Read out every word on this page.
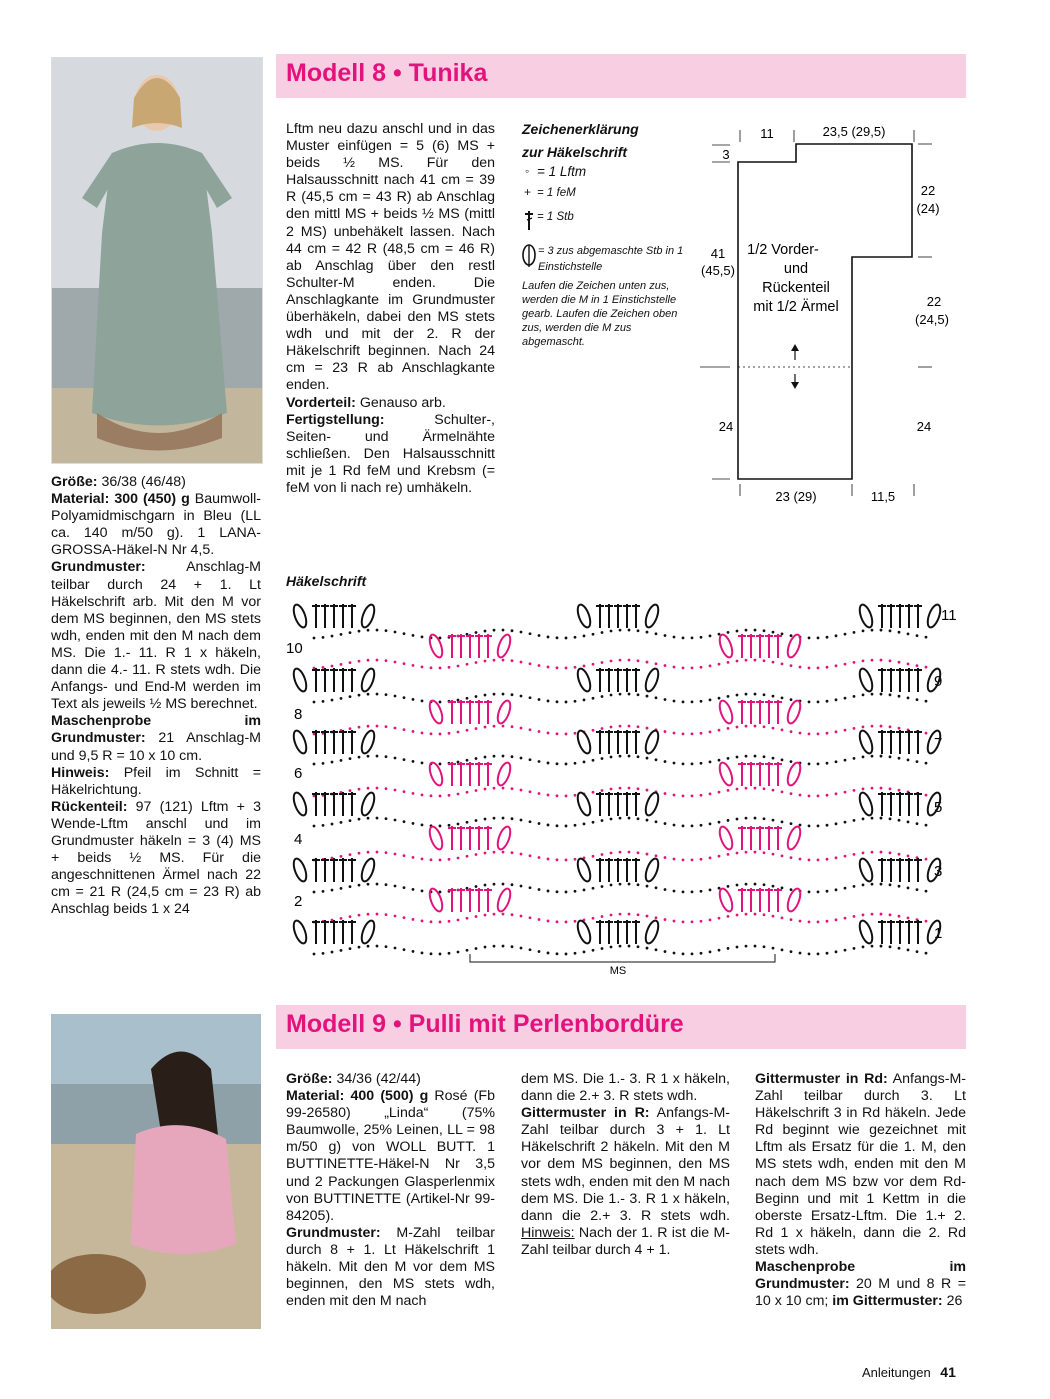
Modell 8 • Tunika

Größe: 36/38 (46/48)

Material: 300 (450) g Baumwoll-Polyamidmischgarn in Bleu (LL ca. 140 m/50 g). 1 LANA-GROSSA-Häkel-N Nr 4,5.

Grundmuster: Anschlag-M teilbar durch 24 + 1. Lt Häkelschrift arb. Mit den M vor dem MS beginnen, den MS stets wdh, enden mit den M nach dem MS. Die 1.- 11. R 1 x häkeln, dann die 4.- 11. R stets wdh. Die Anfangs- und End-M werden im Text als jeweils ½ MS berechnet.

Maschenprobe im Grundmuster: 21 Anschlag-M und 9,5 R = 10 x 10 cm.

Hinweis: Pfeil im Schnitt = Häkelrichtung.

Rückenteil: 97 (121) Lftm + 3 Wende-Lftm anschl und im Grundmuster häkeln = 3 (4) MS + beids ½ MS. Für die angeschnittenen Ärmel nach 22 cm = 21 R (24,5 cm = 23 R) ab Anschlag beids 1 x 24

Lftm neu dazu anschl und in das Muster einfügen = 5 (6) MS + beids ½ MS. Für den Halsausschnitt nach 41 cm = 39 R (45,5 cm = 43 R) ab Anschlag den mittl MS + beids ½ MS (mittl 2 MS) unbehäkelt lassen. Nach 44 cm = 42 R (48,5 cm = 46 R) ab Anschlag über den restl Schulter-M enden. Die Anschlagkante im Grundmuster überhäkeln, dabei den MS stets wdh und mit der 2. R der Häkelschrift beginnen. Nach 24 cm = 23 R ab Anschlagkante enden.

Vorderteil: Genauso arb.

Fertigstellung: Schulter-, Seiten- und Ärmelnähte schließen. Den Halsausschnitt mit je 1 Rd feM und Krebsm (= feM von li nach re) umhäkeln.

Zeichenerklärung
zur Häkelschrift
◦ = 1 Lftm
+ = 1 feM
= 1 Stb
= 3 zus abgemaschte Stb in 1 Einstichstelle
Laufen die Zeichen unten zus, werden die M in 1 Einstichstelle gearb. Laufen die Zeichen oben zus, werden die M zus abgemascht.
11	23,5 (29,5)
3
41
(45,5)
22
(24)
22
(24,5)
24	24
23 (29)	11,5
1/2 Vorder-
und
Rückenteil
mit 1/2 Ärmel
Häkelschrift
11
9
7
5
3
1
10
8
6
4
2
MS
Modell 9 • Pulli mit Perlenbordüre

Größe: 34/36 (42/44)

Material: 400 (500) g Rosé (Fb 99-26580) „Linda“ (75% Baumwolle, 25% Leinen, LL = 98 m/50 g) von WOLL BUTT. 1 BUTTINETTE-Häkel-N Nr 3,5 und 2 Packungen Glasperlenmix von BUTTINETTE (Artikel-Nr 99-84205).

Grundmuster: M-Zahl teilbar durch 8 + 1. Lt Häkelschrift 1 häkeln. Mit den M vor dem MS beginnen, den MS stets wdh, enden mit den M nach

dem MS. Die 1.- 3. R 1 x häkeln, dann die 2.+ 3. R stets wdh.

Gittermuster in R: Anfangs-M-Zahl teilbar durch 3 + 1. Lt Häkelschrift 2 häkeln. Mit den M vor dem MS beginnen, den MS stets wdh, enden mit den M nach dem MS. Die 1.- 3. R 1 x häkeln, dann die 2.+ 3. R stets wdh. Hinweis: Nach der 1. R ist die M-Zahl teilbar durch 4 + 1.

Gittermuster in Rd: Anfangs-M-Zahl teilbar durch 3. Lt Häkelschrift 3 in Rd häkeln. Jede Rd beginnt wie gezeichnet mit Lftm als Ersatz für die 1. M, den MS stets wdh, enden mit den M nach dem MS bzw vor dem Rd-Beginn und mit 1 Kettm in die oberste Ersatz-Lftm. Die 1.+ 2. Rd 1 x häkeln, dann die 2. Rd stets wdh.

Maschenprobe im Grundmuster: 20 M und 8 R = 10 x 10 cm; im Gittermuster: 26

Anleitungen 41
